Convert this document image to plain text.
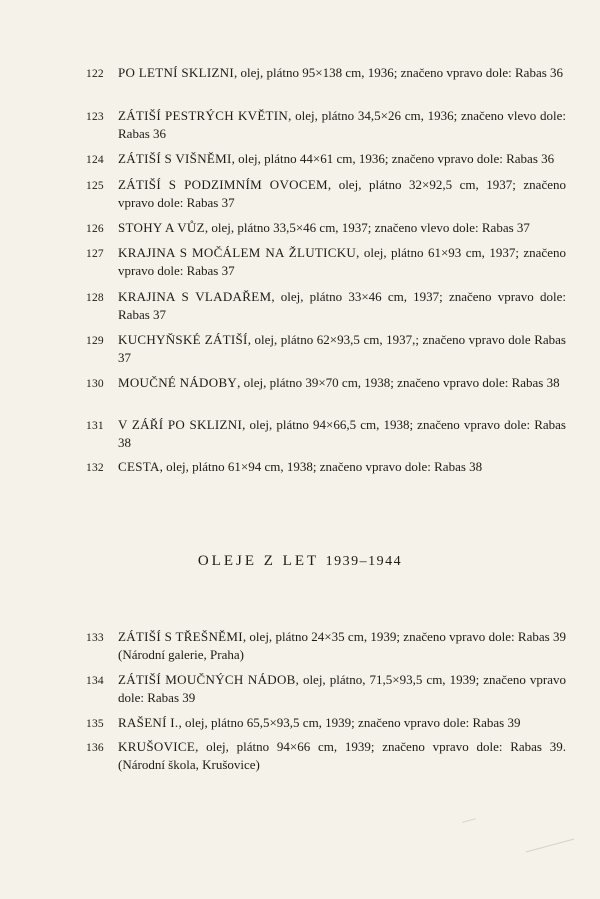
122	PO LETNÍ SKLIZNI, olej, plátno 95×138 cm, 1936; značeno vpravo dole: Rabas 36
123	ZÁTIŠÍ PESTRÝCH KVĚTIN, olej, plátno 34,5×26 cm, 1936; značeno vlevo dole: Rabas 36
124	ZÁTIŠÍ S VIŠNĚMI, olej, plátno 44×61 cm, 1936; značeno vpravo dole: Rabas 36
125	ZÁTIŠÍ S PODZIMNÍM OVOCEM, olej, plátno 32×92,5 cm, 1937; značeno vpravo dole: Rabas 37
126	STOHY A VŮZ, olej, plátno 33,5×46 cm, 1937; značeno vlevo dole: Rabas 37
127	KRAJINA S MOČÁLEM NA ŽLUTICKU, olej, plátno 61×93 cm, 1937; značeno vpravo dole: Rabas 37
128	KRAJINA S VLADAŘEM, olej, plátno 33×46 cm, 1937; značeno vpravo dole: Rabas 37
129	KUCHYŇSKÉ ZÁTIŠÍ, olej, plátno 62×93,5 cm, 1937,; značeno vpravo dole Rabas 37
130	MOUČNÉ NÁDOBY, olej, plátno 39×70 cm, 1938; značeno vpravo dole: Rabas 38
131	V ZÁŘÍ PO SKLIZNI, olej, plátno 94×66,5 cm, 1938; značeno vpravo dole: Rabas 38
132	CESTA, olej, plátno 61×94 cm, 1938; značeno vpravo dole: Rabas 38
OLEJE Z LET 1939–1944
133	ZÁTIŠÍ S TŘEŠNĚMI, olej, plátno 24×35 cm, 1939; značeno vpravo dole: Rabas 39 (Národní galerie, Praha)
134	ZÁTIŠÍ MOUČNÝCH NÁDOB, olej, plátno, 71,5×93,5 cm, 1939; značeno vpravo dole: Rabas 39
135	RAŠENÍ I., olej, plátno 65,5×93,5 cm, 1939; značeno vpravo dole: Rabas 39
136	KRUŠOVICE, olej, plátno 94×66 cm, 1939; značeno vpravo dole: Rabas 39. (Národní škola, Krušovice)
